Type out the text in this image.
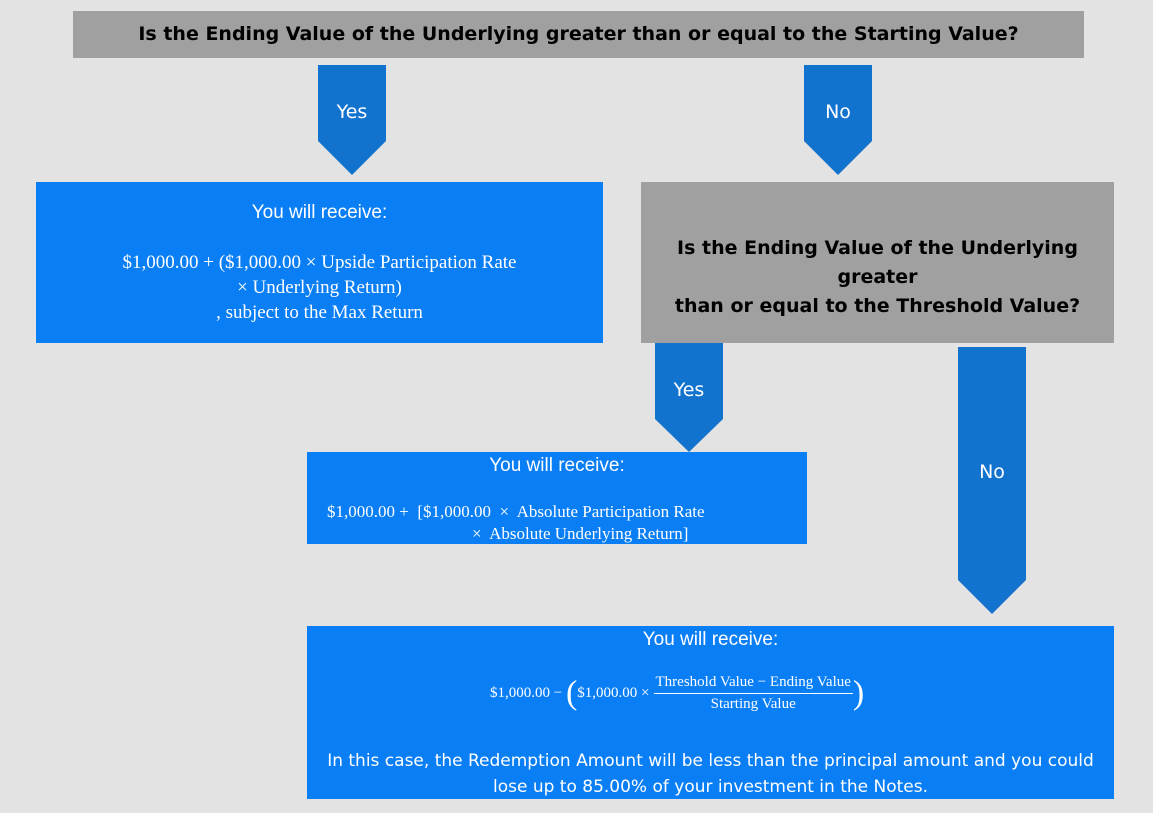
Is the Ending Value of the Underlying greater than or equal to the Starting Value?
Yes	No
You will receive:
$1,000.00 + ($1,000.00 × Upside Participation Rate
× Underlying Return)
, subject to the Max Return
Is the Ending Value of the Underlying greater
than or equal to the Threshold Value?
Yes
No
You will receive:
$1,000.00 +  [$1,000.00  ×  Absolute Participation Rate
×  Absolute Underlying Return]
You will receive:
$1,000.00 − ($1,000.00 × $\frac{\text{Threshold Value − Ending Value}}{\text{Starting Value}}$ )
In this case, the Redemption Amount will be less than the principal amount and you could
lose up to 85.00% of your investment in the Notes.
